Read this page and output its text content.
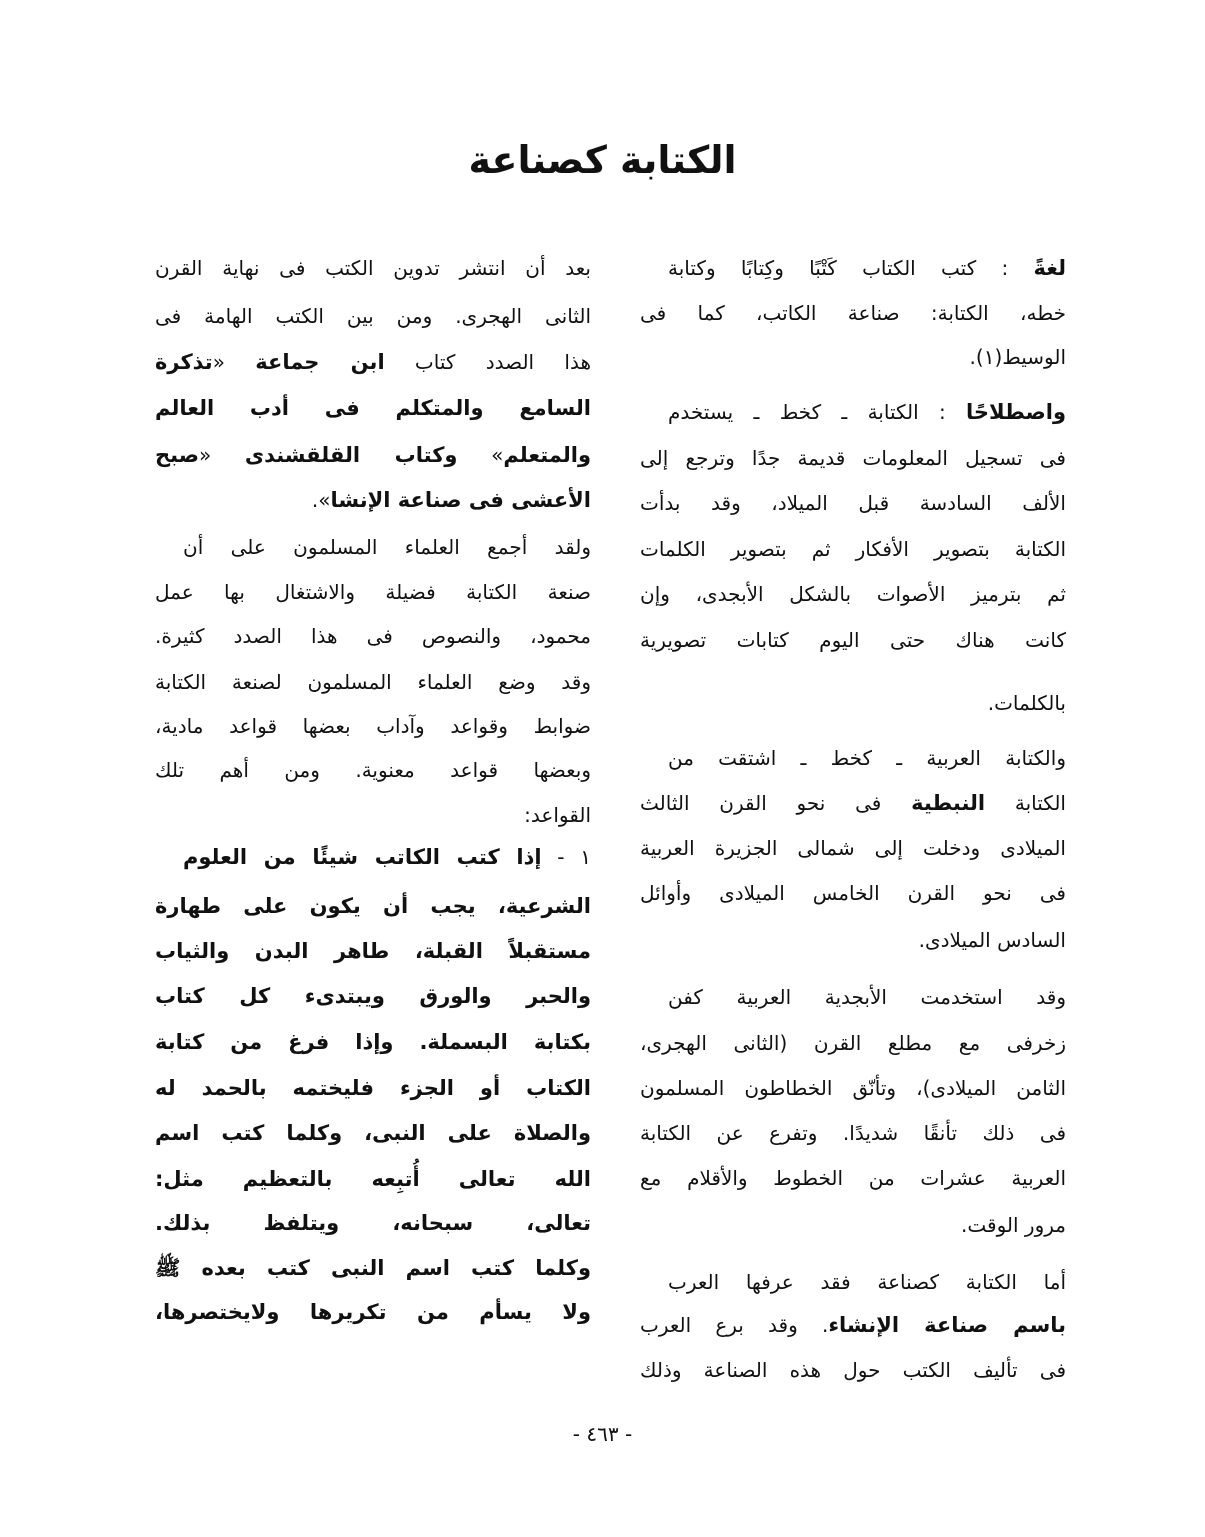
الكتابة كصناعة
لغةً : كتب الكتاب كَتْبًا وكِتابًا وكتابة
خطه، الكتابة: صناعة الكاتب، كما فى
الوسيط(١).
واصطلاحًا : الكتابة ـ كخط ـ يستخدم
فى تسجيل المعلومات قديمة جدًا وترجع إلى
الألف السادسة قبل الميلاد، وقد بدأت
الكتابة بتصوير الأفكار ثم بتصوير الكلمات
ثم بترميز الأصوات بالشكل الأبجدى، وإن
كانت هناك حتى اليوم كتابات تصويرية
بالكلمات.
والكتابة العربية ـ كخط ـ اشتقت من
الكتابة النبطية فى نحو القرن الثالث
الميلادى ودخلت إلى شمالى الجزيرة العربية
فى نحو القرن الخامس الميلادى وأوائل
السادس الميلادى.
وقد استخدمت الأبجدية العربية كفن
زخرفى مع مطلع القرن (الثانى الهجرى،
الثامن الميلادى)، وتأنّق الخطاطون المسلمون
فى ذلك تأنقًا شديدًا. وتفرع عن الكتابة
العربية عشرات من الخطوط والأقلام مع
مرور الوقت.
أما الكتابة كصناعة فقد عرفها العرب
باسم صناعة الإنشاء. وقد برع العرب
فى تأليف الكتب حول هذه الصناعة وذلك
بعد أن انتشر تدوين الكتب فى نهاية القرن
الثانى الهجرى. ومن بين الكتب الهامة فى
هذا الصدد كتاب ابن جماعة «تذكرة
السامع والمتكلم فى أدب العالم
والمتعلم» وكتاب القلقشندى «صبح
الأعشى فى صناعة الإنشا».
ولقد أجمع العلماء المسلمون على أن
صنعة الكتابة فضيلة والاشتغال بها عمل
محمود، والنصوص فى هذا الصدد كثيرة.
وقد وضع العلماء المسلمون لصنعة الكتابة
ضوابط وقواعد وآداب بعضها قواعد مادية،
وبعضها قواعد معنوية. ومن أهم تلك
القواعد:
١ - إذا كتب الكاتب شيئًا من العلوم
الشرعية، يجب أن يكون على طهارة
مستقبلاً القبلة، طاهر البدن والثياب
والحبر والورق ويبتدىء كل كتاب
بكتابة البسملة. وإذا فرغ من كتابة
الكتاب أو الجزء فليختمه بالحمد له
والصلاة على النبى، وكلما كتب اسم
الله تعالى أُتبِعه بالتعظيم مثل:
تعالى، سبحانه، ويتلفظ بذلك.
وكلما كتب اسم النبى كتب بعده ﷺ
ولا يسأم من تكريرها ولايختصرها،
- ٤٦٣ -
